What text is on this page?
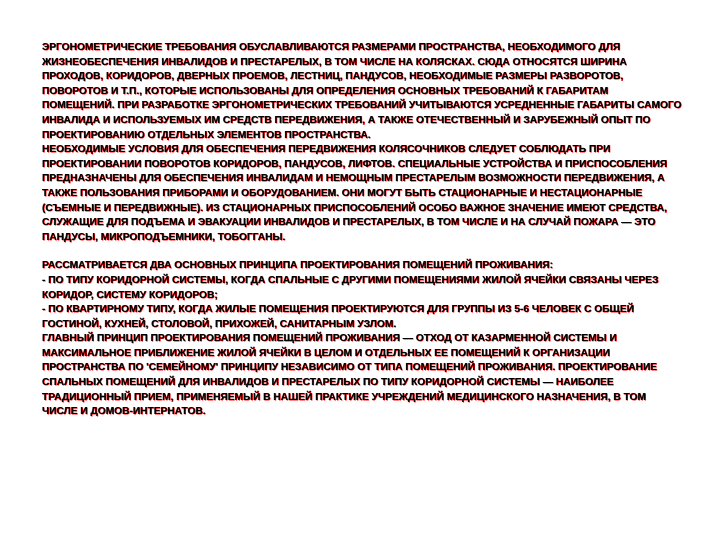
ЭРГОНОМЕТРИЧЕСКИЕ ТРЕБОВАНИЯ ОБУСЛАВЛИВАЮТСЯ РАЗМЕРАМИ ПРОСТРАНСТВА, НЕОБХОДИМОГО ДЛЯ ЖИЗНЕОБЕСПЕЧЕНИЯ ИНВАЛИДОВ И ПРЕСТАРЕЛЫХ, В ТОМ ЧИСЛЕ НА КОЛЯСКАХ. СЮДА ОТНОСЯТСЯ ШИРИНА ПРОХОДОВ, КОРИДОРОВ, ДВЕРНЫХ ПРОЕМОВ, ЛЕСТНИЦ, ПАНДУСОВ, НЕОБХОДИМЫЕ РАЗМЕРЫ РАЗВОРОТОВ, ПОВОРОТОВ И Т.П., КОТОРЫЕ ИСПОЛЬЗОВАНЫ ДЛЯ ОПРЕДЕЛЕНИЯ ОСНОВНЫХ ТРЕБОВАНИЙ К ГАБАРИТАМ ПОМЕЩЕНИЙ. ПРИ РАЗРАБОТКЕ ЭРГОНОМЕТРИЧЕСКИХ ТРЕБОВАНИЙ УЧИТЫВАЮТСЯ УСРЕДНЕННЫЕ ГАБАРИТЫ САМОГО ИНВАЛИДА И ИСПОЛЬЗУЕМЫХ ИМ СРЕДСТВ ПЕРЕДВИЖЕНИЯ, А ТАКЖЕ ОТЕЧЕСТВЕННЫЙ И ЗАРУБЕЖНЫЙ ОПЫТ ПО ПРОЕКТИРОВАНИЮ ОТДЕЛЬНЫХ ЭЛЕМЕНТОВ ПРОСТРАНСТВА.

НЕОБХОДИМЫЕ УСЛОВИЯ ДЛЯ ОБЕСПЕЧЕНИЯ ПЕРЕДВИЖЕНИЯ КОЛЯСОЧНИКОВ СЛЕДУЕТ СОБЛЮДАТЬ ПРИ ПРОЕКТИРОВАНИИ ПОВОРОТОВ КОРИДОРОВ, ПАНДУСОВ, ЛИФТОВ. СПЕЦИАЛЬНЫЕ УСТРОЙСТВА И ПРИСПОСОБЛЕНИЯ ПРЕДНАЗНАЧЕНЫ ДЛЯ ОБЕСПЕЧЕНИЯ ИНВАЛИДАМ И НЕМОЩНЫМ ПРЕСТАРЕЛЫМ ВОЗМОЖНОСТИ ПЕРЕДВИЖЕНИЯ, А ТАКЖЕ ПОЛЬЗОВАНИЯ ПРИБОРАМИ И ОБОРУДОВАНИЕМ. ОНИ МОГУТ БЫТЬ СТАЦИОНАРНЫЕ И НЕСТАЦИОНАРНЫЕ (СЪЕМНЫЕ И ПЕРЕДВИЖНЫЕ). ИЗ СТАЦИОНАРНЫХ ПРИСПОСОБЛЕНИЙ ОСОБО ВАЖНОЕ ЗНАЧЕНИЕ ИМЕЮТ СРЕДСТВА, СЛУЖАЩИЕ ДЛЯ ПОДЪЕМА И ЭВАКУАЦИИ ИНВАЛИДОВ И ПРЕСТАРЕЛЫХ, В ТОМ ЧИСЛЕ И НА СЛУЧАЙ ПОЖАРА — ЭТО ПАНДУСЫ, МИКРОПОДЪЕМНИКИ, ТОБОГГАНЫ.

РАССМАТРИВАЕТСЯ ДВА ОСНОВНЫХ ПРИНЦИПА ПРОЕКТИРОВАНИЯ ПОМЕЩЕНИЙ ПРОЖИВАНИЯ:

- ПО ТИПУ КОРИДОРНОЙ СИСТЕМЫ, КОГДА СПАЛЬНЫЕ С ДРУГИМИ ПОМЕЩЕНИЯМИ ЖИЛОЙ ЯЧЕЙКИ СВЯЗАНЫ ЧЕРЕЗ КОРИДОР, СИСТЕМУ КОРИДОРОВ;

- ПО КВАРТИРНОМУ ТИПУ, КОГДА ЖИЛЫЕ ПОМЕЩЕНИЯ ПРОЕКТИРУЮТСЯ ДЛЯ ГРУППЫ ИЗ 5-6 ЧЕЛОВЕК С ОБЩЕЙ ГОСТИНОЙ, КУХНЕЙ, СТОЛОВОЙ, ПРИХОЖЕЙ, САНИТАРНЫМ УЗЛОМ.

ГЛАВНЫЙ ПРИНЦИП ПРОЕКТИРОВАНИЯ ПОМЕЩЕНИЙ ПРОЖИВАНИЯ — ОТХОД ОТ КАЗАРМЕННОЙ СИСТЕМЫ И МАКСИМАЛЬНОЕ ПРИБЛИЖЕНИЕ ЖИЛОЙ ЯЧЕЙКИ В ЦЕЛОМ И ОТДЕЛЬНЫХ ЕЕ ПОМЕЩЕНИЙ К ОРГАНИЗАЦИИ ПРОСТРАНСТВА ПО 'СЕМЕЙНОМУ' ПРИНЦИПУ НЕЗАВИСИМО ОТ ТИПА ПОМЕЩЕНИЙ ПРОЖИВАНИЯ. ПРОЕКТИРОВАНИЕ СПАЛЬНЫХ ПОМЕЩЕНИЙ ДЛЯ ИНВАЛИДОВ И ПРЕСТАРЕЛЫХ ПО ТИПУ КОРИДОРНОЙ СИСТЕМЫ — НАИБОЛЕЕ ТРАДИЦИОННЫЙ ПРИЕМ, ПРИМЕНЯЕМЫЙ В НАШЕЙ ПРАКТИКЕ УЧРЕЖДЕНИЙ МЕДИЦИНСКОГО НАЗНАЧЕНИЯ, В ТОМ ЧИСЛЕ И ДОМОВ-ИНТЕРНАТОВ.
